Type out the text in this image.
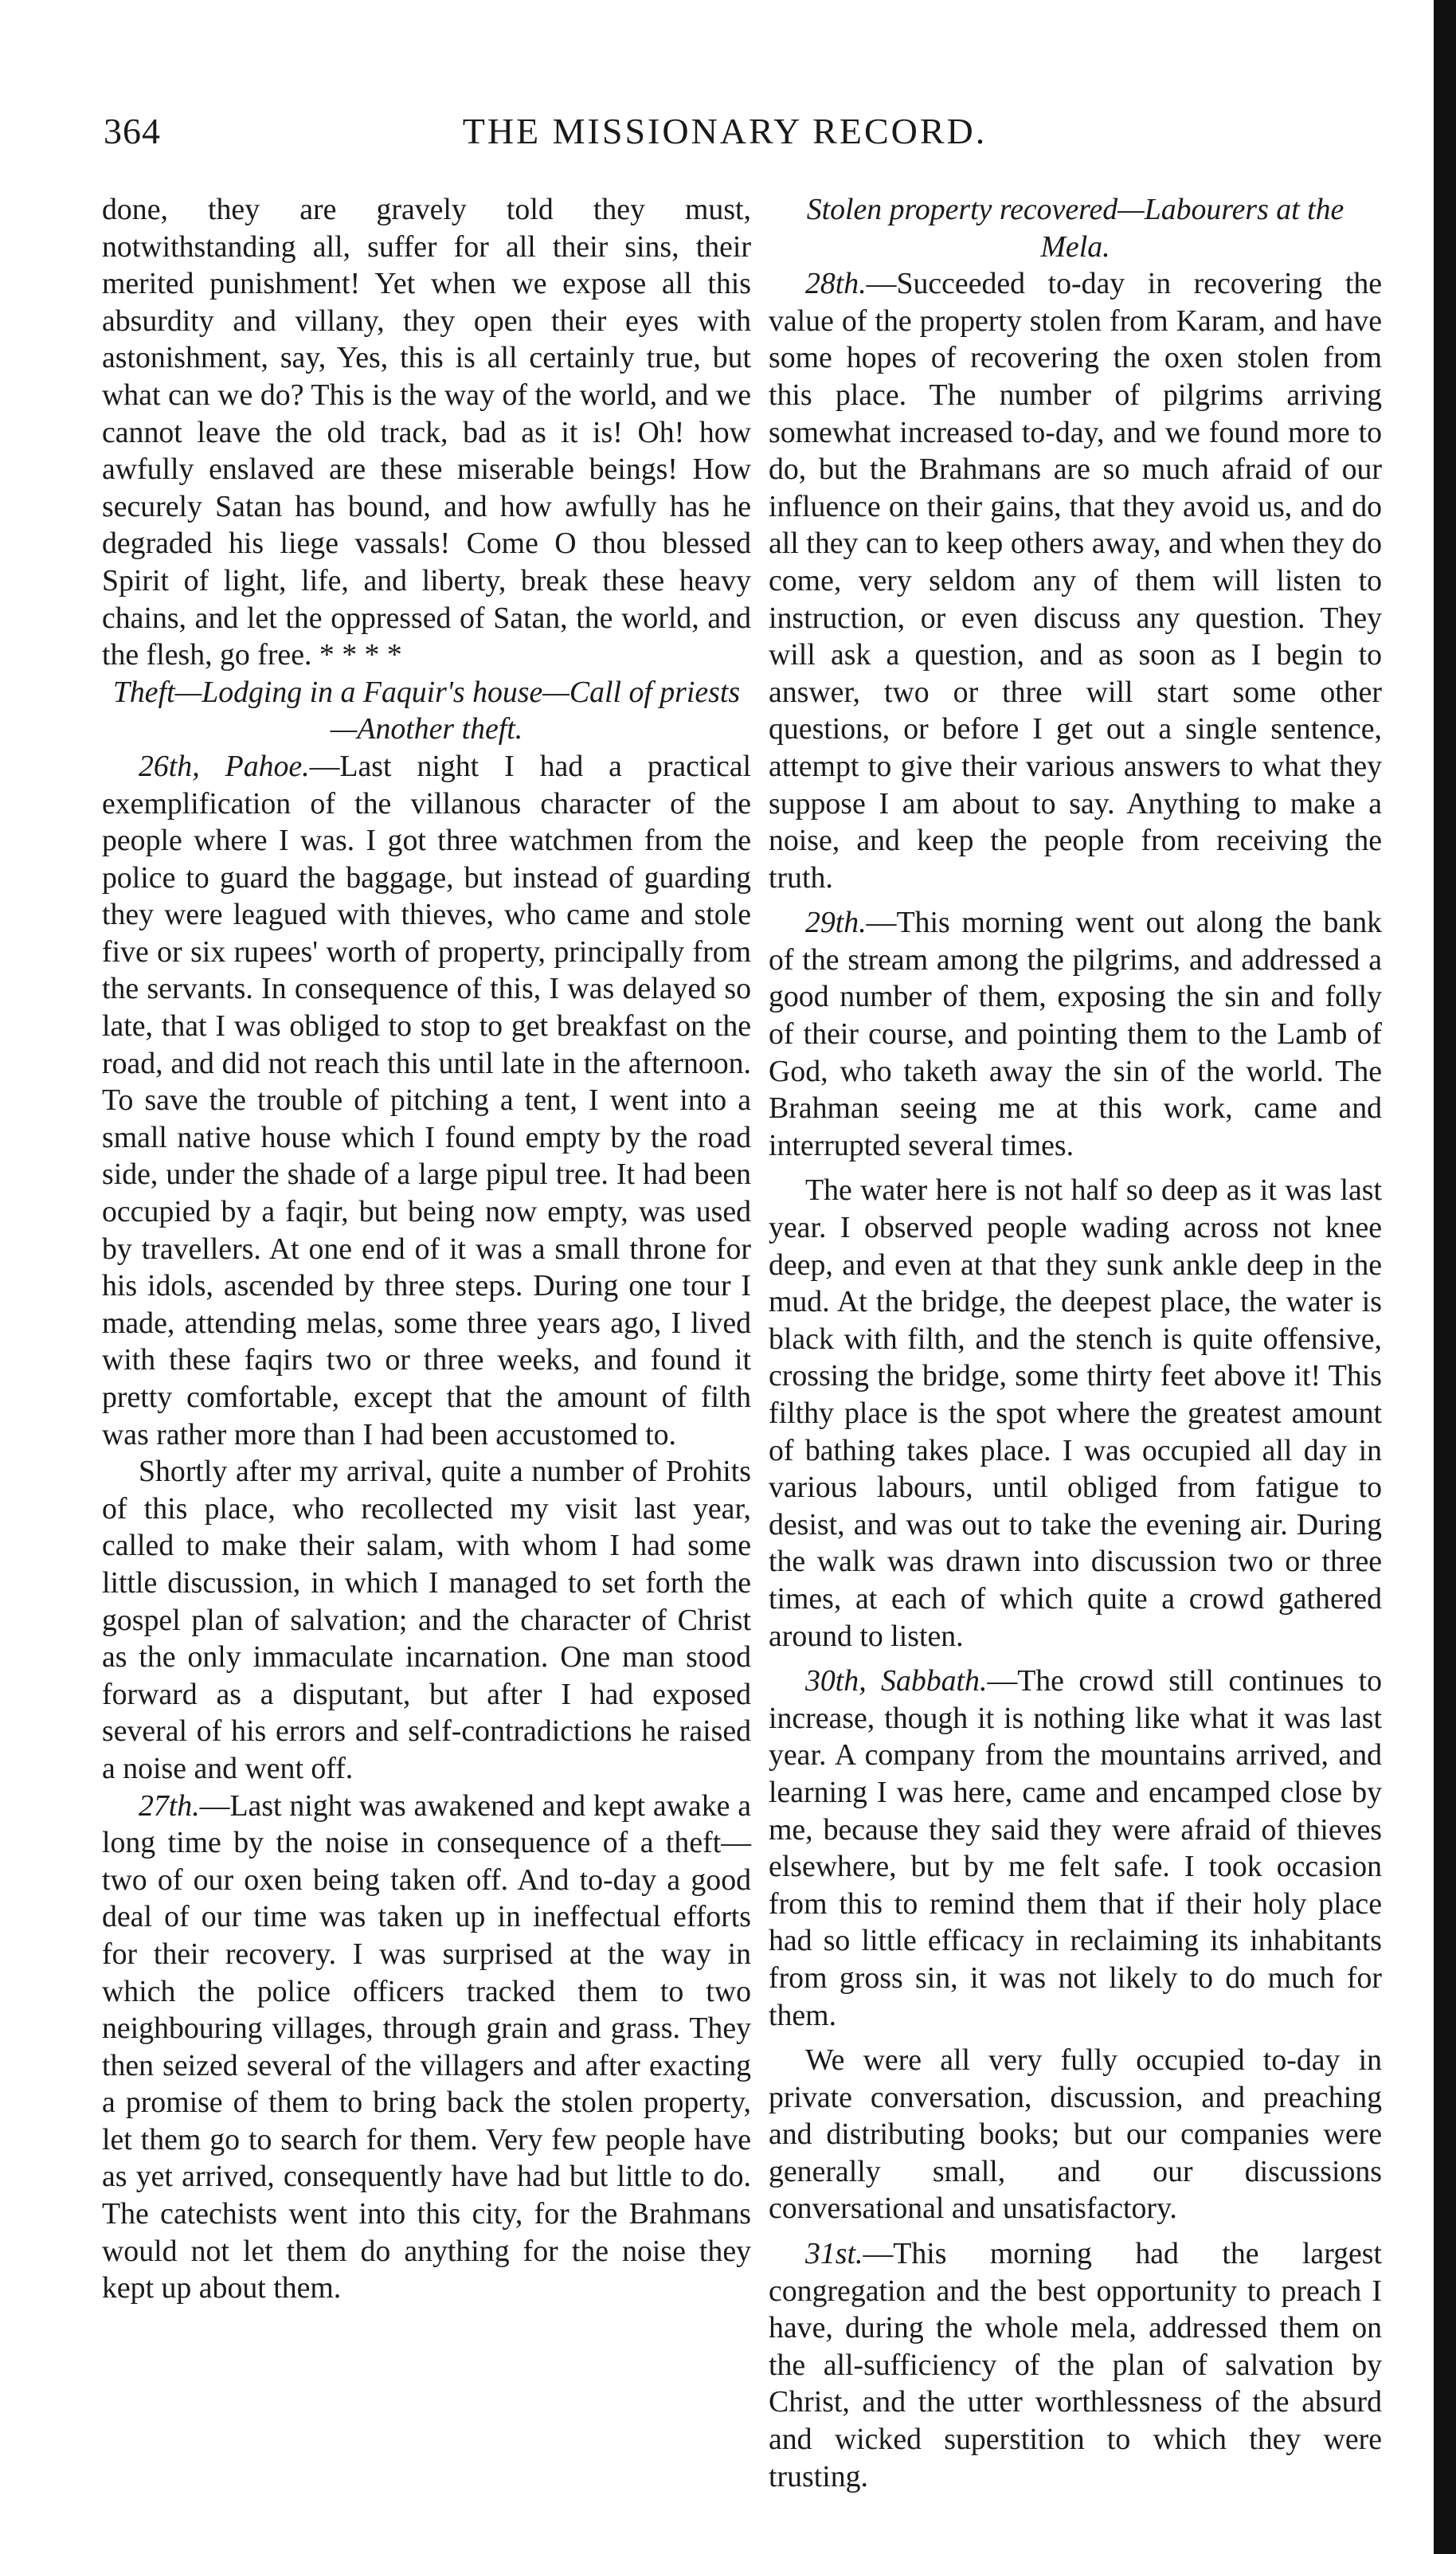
364	THE MISSIONARY RECORD.

done, they are gravely told they must, notwithstanding all, suffer for all their sins, their merited punishment! Yet when we expose all this absurdity and villany, they open their eyes with astonishment, say, Yes, this is all certainly true, but what can we do? This is the way of the world, and we cannot leave the old track, bad as it is! Oh! how awfully enslaved are these miserable beings! How securely Satan has bound, and how awfully has he degraded his liege vassals! Come O thou blessed Spirit of light, life, and liberty, break these heavy chains, and let the oppressed of Satan, the world, and the flesh, go free. * * * *

Theft—Lodging in a Faquir's house—Call of priests—Another theft.

26th, Pahoe.—Last night I had a practical exemplification of the villanous character of the people where I was. I got three watchmen from the police to guard the baggage, but instead of guarding they were leagued with thieves, who came and stole five or six rupees' worth of property, principally from the servants. In consequence of this, I was delayed so late, that I was obliged to stop to get breakfast on the road, and did not reach this until late in the afternoon. To save the trouble of pitching a tent, I went into a small native house which I found empty by the road side, under the shade of a large pipul tree. It had been occupied by a faqir, but being now empty, was used by travellers. At one end of it was a small throne for his idols, ascended by three steps. During one tour I made, attending melas, some three years ago, I lived with these faqirs two or three weeks, and found it pretty comfortable, except that the amount of filth was rather more than I had been accustomed to.

Shortly after my arrival, quite a number of Prohits of this place, who recollected my visit last year, called to make their salam, with whom I had some little discussion, in which I managed to set forth the gospel plan of salvation; and the character of Christ as the only immaculate incarnation. One man stood forward as a disputant, but after I had exposed several of his errors and self-contradictions he raised a noise and went off.

27th.—Last night was awakened and kept awake a long time by the noise in consequence of a theft—two of our oxen being taken off. And to-day a good deal of our time was taken up in ineffectual efforts for their recovery. I was surprised at the way in which the police officers tracked them to two neighbouring villages, through grain and grass. They then seized several of the villagers and after exacting a promise of them to bring back the stolen property, let them go to search for them. Very few people have as yet arrived, consequently have had but little to do. The catechists went into this city, for the Brahmans would not let them do anything for the noise they kept up about them.

Stolen property recovered—Labourers at the Mela.

28th.—Succeeded to-day in recovering the value of the property stolen from Karam, and have some hopes of recovering the oxen stolen from this place. The number of pilgrims arriving somewhat increased to-day, and we found more to do, but the Brahmans are so much afraid of our influence on their gains, that they avoid us, and do all they can to keep others away, and when they do come, very seldom any of them will listen to instruction, or even discuss any question. They will ask a question, and as soon as I begin to answer, two or three will start some other questions, or before I get out a single sentence, attempt to give their various answers to what they suppose I am about to say. Anything to make a noise, and keep the people from receiving the truth.

29th.—This morning went out along the bank of the stream among the pilgrims, and addressed a good number of them, exposing the sin and folly of their course, and pointing them to the Lamb of God, who taketh away the sin of the world. The Brahman seeing me at this work, came and interrupted several times.

The water here is not half so deep as it was last year. I observed people wading across not knee deep, and even at that they sunk ankle deep in the mud. At the bridge, the deepest place, the water is black with filth, and the stench is quite offensive, crossing the bridge, some thirty feet above it! This filthy place is the spot where the greatest amount of bathing takes place. I was occupied all day in various labours, until obliged from fatigue to desist, and was out to take the evening air. During the walk was drawn into discussion two or three times, at each of which quite a crowd gathered around to listen.

30th, Sabbath.—The crowd still continues to increase, though it is nothing like what it was last year. A company from the mountains arrived, and learning I was here, came and encamped close by me, because they said they were afraid of thieves elsewhere, but by me felt safe. I took occasion from this to remind them that if their holy place had so little efficacy in reclaiming its inhabitants from gross sin, it was not likely to do much for them.

We were all very fully occupied to-day in private conversation, discussion, and preaching and distributing books; but our companies were generally small, and our discussions conversational and unsatisfactory.

31st.—This morning had the largest congregation and the best opportunity to preach I have, during the whole mela, addressed them on the all-sufficiency of the plan of salvation by Christ, and the utter worthlessness of the absurd and wicked superstition to which they were trusting.
